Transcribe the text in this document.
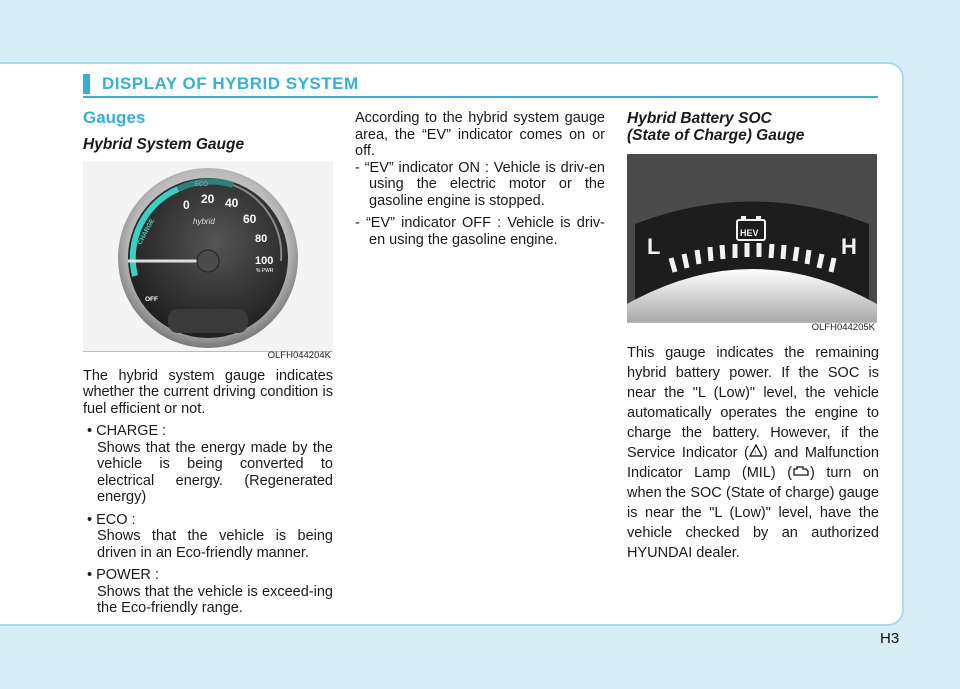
DISPLAY OF HYBRID SYSTEM
Gauges
Hybrid System Gauge
0 20 40
60
80
100
% PWR
ECO
CHARGE
OFF
hybrid
OLFH044204K

The hybrid system gauge indicates whether the current driving condition is fuel efficient or not.

• CHARGE :
Shows that the energy made by the vehicle is being converted to electrical energy. (Regenerated energy)
• ECO :
Shows that the vehicle is being driven in an Eco-friendly manner.
• POWER :
Shows that the vehicle is exceed-ing the Eco-friendly range.

According to the hybrid system gauge area, the “EV” indicator comes on or off.

- “EV” indicator ON : Vehicle is driv-en using the electric motor or the gasoline engine is stopped.
- “EV” indicator OFF : Vehicle is driv-en using the gasoline engine.
Hybrid Battery SOC
(State of Charge) Gauge
L	H
HEV
OLFH044205K

This gauge indicates the remaining hybrid battery power. If the SOC is near the "L (Low)" level, the vehicle automatically operates the engine to charge the battery. However, if the Service Indicator ( ! ) and Malfunction Indicator Lamp (MIL) ( ) turn on when the SOC (State of charge) gauge is near the "L (Low)" level, have the vehicle checked by an authorized HYUNDAI dealer.

H3
